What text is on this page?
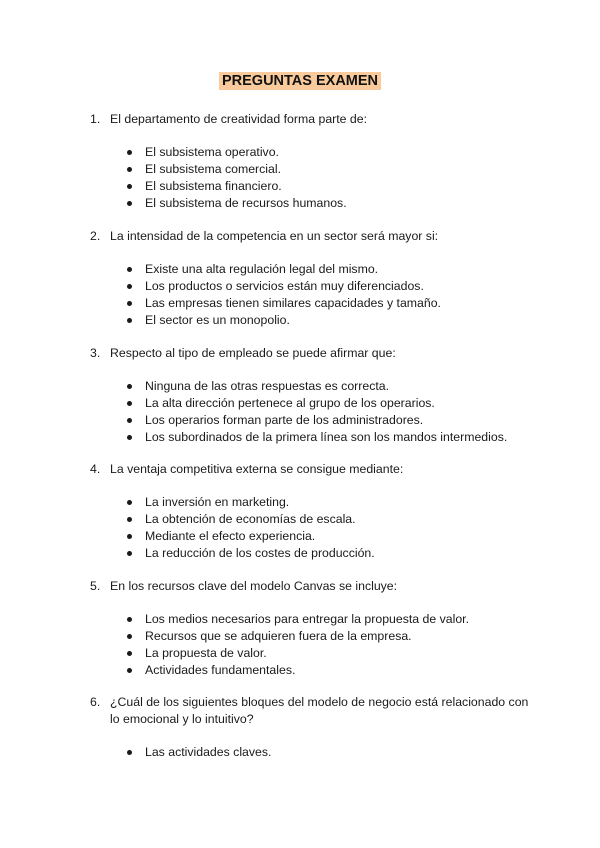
PREGUNTAS EXAMEN
1. El departamento de creatividad forma parte de:
El subsistema operativo.
El subsistema comercial.
El subsistema financiero.
El subsistema de recursos humanos.
2. La intensidad de la competencia en un sector será mayor si:
Existe una alta regulación legal del mismo.
Los productos o servicios están muy diferenciados.
Las empresas tienen similares capacidades y tamaño.
El sector es un monopolio.
3. Respecto al tipo de empleado se puede afirmar que:
Ninguna de las otras respuestas es correcta.
La alta dirección pertenece al grupo de los operarios.
Los operarios forman parte de los administradores.
Los subordinados de la primera línea son los mandos intermedios.
4. La ventaja competitiva externa se consigue mediante:
La inversión en marketing.
La obtención de economías de escala.
Mediante el efecto experiencia.
La reducción de los costes de producción.
5. En los recursos clave del modelo Canvas se incluye:
Los medios necesarios para entregar la propuesta de valor.
Recursos que se adquieren fuera de la empresa.
La propuesta de valor.
Actividades fundamentales.
6. ¿Cuál de los siguientes bloques del modelo de negocio está relacionado con lo emocional y lo intuitivo?
Las actividades claves.
